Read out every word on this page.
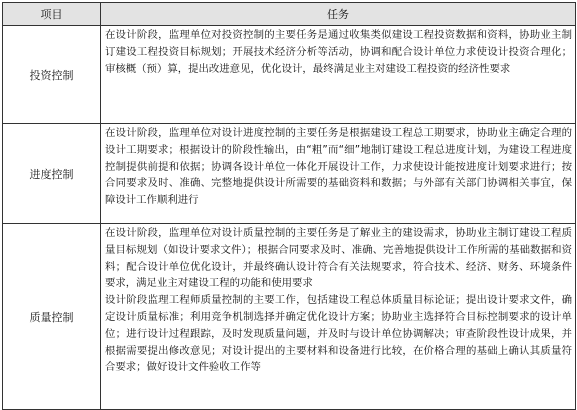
项目	任务
投资控制	在设计阶段，监理单位对投资控制的主要任务是通过收集类似建设工程投资数据和资料，协助业主制订建设工程投资目标规划；开展技术经济分析等活动，协调和配合设计单位力求使设计投资合理化；审核概（预）算，提出改进意见，优化设计，最终满足业主对建设工程投资的经济性要求

进度控制	在设计阶段，监理单位对设计进度控制的主要任务是根据建设工程总工期要求，协助业主确定合理的设计工期要求；根据设计的阶段性输出，由“粗”而“细”地制订建设工程总进度计划，为建设工程进度控制提供前提和依据；协调各设计单位一体化开展设计工作，力求使设计能按进度计划要求进行；按合同要求及时、准确、完整地提供设计所需要的基础资料和数据；与外部有关部门协调相关事宜，保障设计工作顺利进行

质量控制	在设计阶段，监理单位对设计质量控制的主要任务是了解业主的建设需求，协助业主制订建设工程质量目标规划（如设计要求文件）；根据合同要求及时、准确、完善地提供设计工作所需的基础数据和资料；配合设计单位优化设计，并最终确认设计符合有关法规要求，符合技术、经济、财务、环境条件要求，满足业主对建设工程的功能和使用要求
设计阶段监理工程师质量控制的主要工作，包括建设工程总体质量目标论证；提出设计要求文件，确定设计质量标准；利用竞争机制选择并确定优化设计方案；协助业主选择符合目标控制要求的设计单位；进行设计过程跟踪，及时发现质量问题，并及时与设计单位协调解决；审查阶段性设计成果，并根据需要提出修改意见；对设计提出的主要材料和设备进行比较，在价格合理的基础上确认其质量符合要求；做好设计文件验收工作等
